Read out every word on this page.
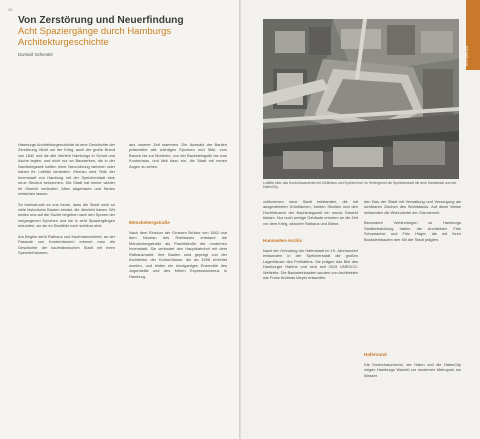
42
Von Zerstörung und Neuerfindung
Acht Spaziergänge durch Hamburgs
Architekturgeschichte
Dominik Schendel
Hamburgs Architekturgeschichte ist eine Geschichte der Zerstörung. Nicht nur der Krieg, auch der große Brand von 1842 und die alle Vierteln Hamburgs in Schutt und Asche legten, und nicht nur an Bauwerken, die in der Nachkriegszeit sollten einer Neuordnung weichen oder haben ihr Leitbild verändert. Ebenso sind Teile der Innenstadt von Hamburg mit der Speicherstadt eine neue Struktur bekommen. Die Stadt hat immer wieder ihr Gesicht verändert, Altes abgerissen und Neues entstehen lassen.
So beeindruckt es uns heute, dass die Stadt noch so viele historische Bauten besitzt, die überlebt haben. Wir wollen uns auf die Suche begeben nach den Spuren der vergangenen Epochen und sie in acht Spaziergängen erkunden, wo sie im Stadtbild noch sichtbar sind.
Am Beginn steht Rathaus und Kaufmannsviertel, an der Fassade von Kontorhäusern erkennt man die Geschichte der kaufmännischen Stadt mit ihren Speicherhäusern.
aus unserer Zeit stammen. Die Auswahl der Bauten präsentiert alle wichtigen Epochen und Stile, vom Barock bis zur Moderne, von der Backsteingotik bis zum Kontorhaus, und lädt dazu ein, die Stadt mit neuen Augen zu sehen.
Mönckebergstraße
Nach dem Einsturz der Grossen Brücke von 1842 und dem Neubau des Rathauses entstand die Mönckebergstraße als Prachtstraße der modernen Innenstadt. Sie verbindet den Hauptbahnhof mit dem Rathausmarkt. Ihre Bauten sind geprägt von der Architektur der Kontorhäuser, die ab 1908 errichtet wurden, und bilden ein einzigartiges Ensemble des Jugendstils und des frühen Expressionismus in Hamburg.
Luftbild über das Kontorhausviertel mit Chilehaus und Sprinkenhof, im Hintergrund die Speicherstadt mit dem Sandtorkai und der HafenCity.
vollkommen neue Stadt entstanden, die mit ausgedehnten Grünflächen, breiten Straßen und den Hochhäusern der Nachkriegszeit ein neues Gesicht bekam. Nur noch wenige Gebäude erinnern an die Zeit vor dem Krieg, darunter Rathaus und Börse.
Hanseaten-Archiv
Nach der Gründung der Hafenstadt im 19. Jahrhundert entstanden in der Speicherstadt die großen Lagerhäuser des Freihafens. Sie prägen das Bild des Hamburger Hafens und sind seit 2015 UNESCO-Welterbe. Die Backsteinbauten wurden von Architekten wie Franz Andreas Meyer entworfen.
den Bau der Stadt mit Verwaltung und Versorgung als sichtbaren Zeichen des Wohlstands. Auf diese Weise entstanden die Wohnviertel der Gründerzeit.
Besondere Verbindungen zu Hamburgs Stadtentwicklung haben die Architekten Fritz Schumacher und Fritz Höger, die mit ihren Backsteinbauten den Stil der Stadt prägten.
Hafenrand
Die Kontorhausviertel, der Hafen und die HafenCity zeigen Hamburgs Wandel zur modernen Metropole am Wasser.
Einleitung
